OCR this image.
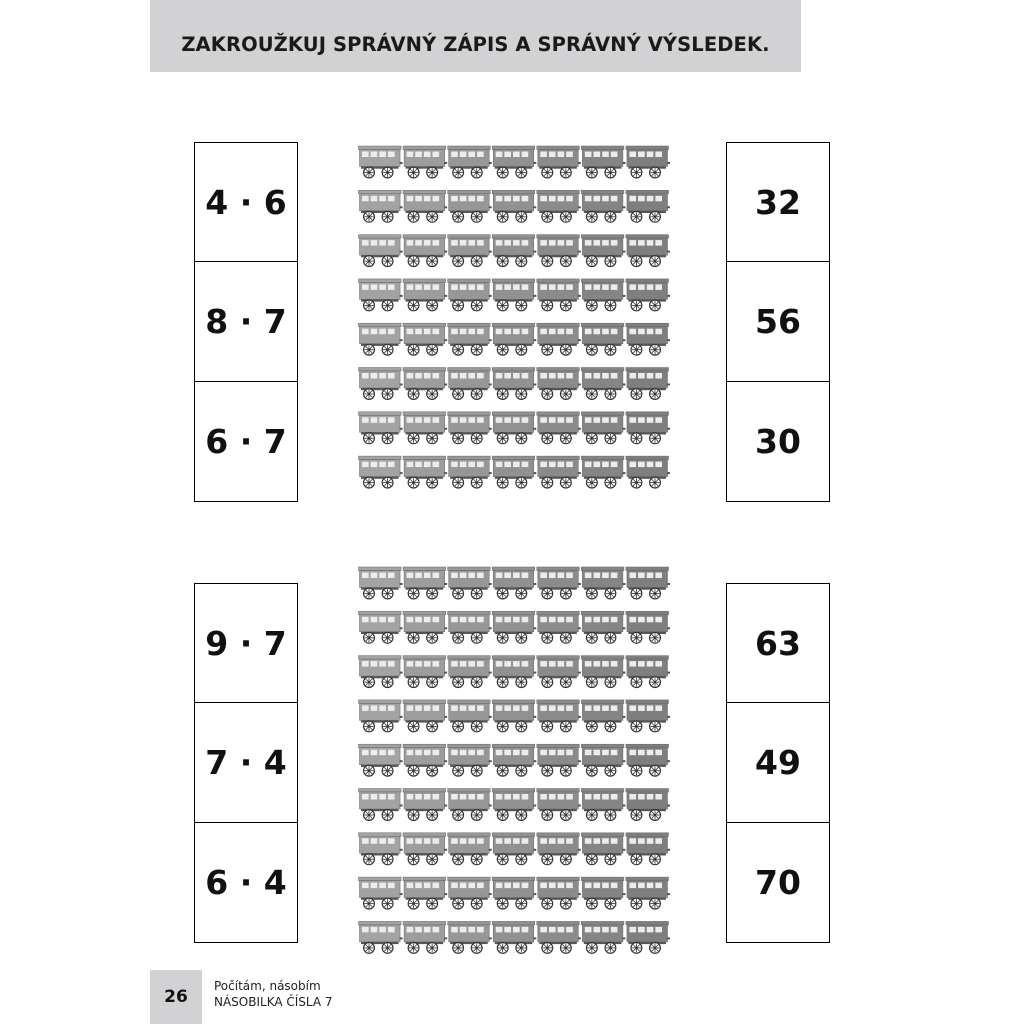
ZAKROUŽKUJ SPRÁVNÝ ZÁPIS A SPRÁVNÝ VÝSLEDEK.
4 · 6
8 · 7
6 · 7
32
56
30
9 · 7
7 · 4
6 · 4
63
49
70
26
Počítám, násobím
NÁSOBILKA ČÍSLA 7
